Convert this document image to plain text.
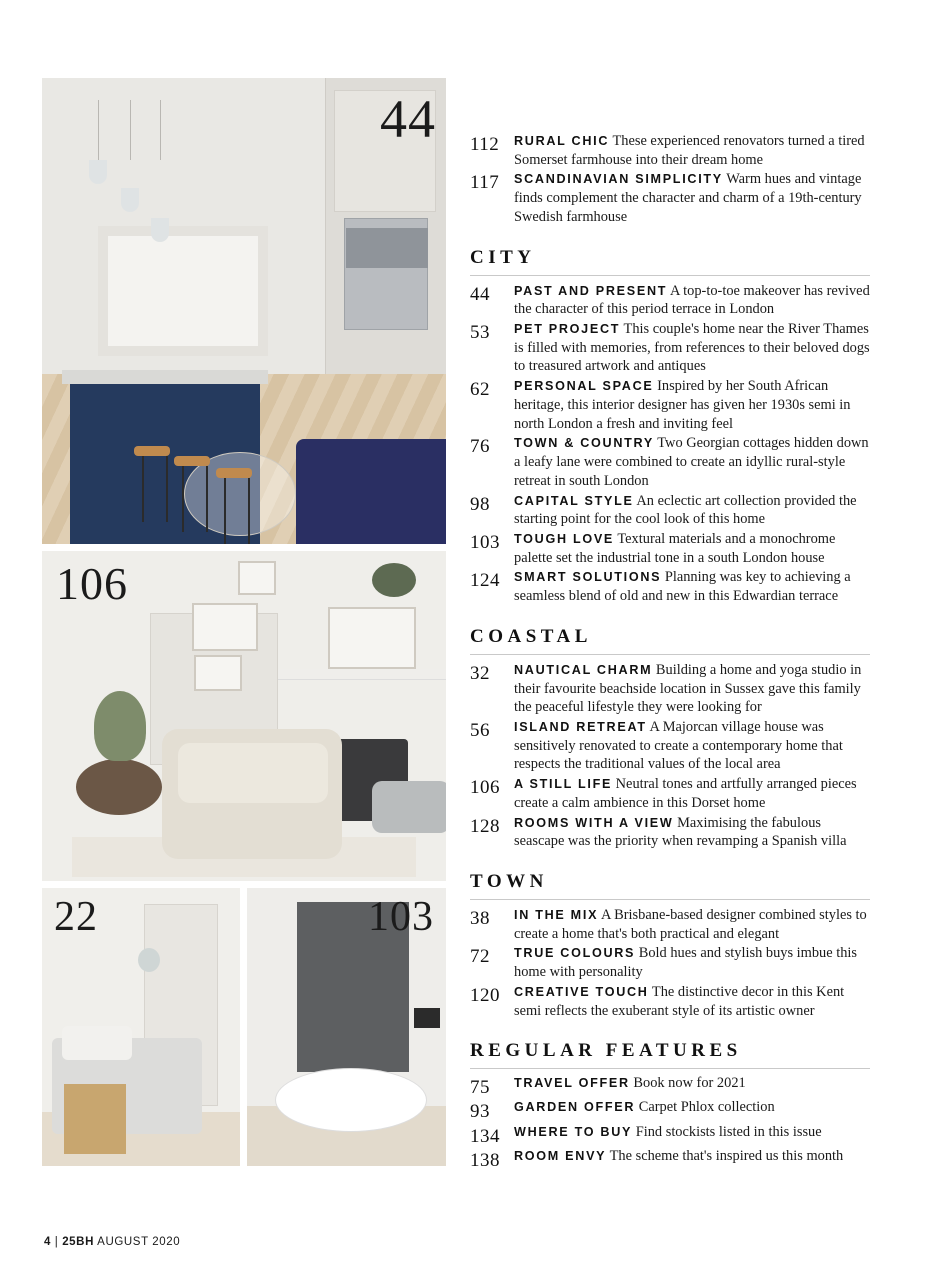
44
106
22	103
112	RURAL CHIC These experienced renovators turned a tired Somerset farmhouse into their dream home
117	SCANDINAVIAN SIMPLICITY Warm hues and vintage finds complement the character and charm of a 19th-century Swedish farmhouse
CITY
44	PAST AND PRESENT A top-to-toe makeover has revived the character of this period terrace in London
53	PET PROJECT This couple's home near the River Thames is filled with memories, from references to their beloved dogs to treasured artwork and antiques
62	PERSONAL SPACE Inspired by her South African heritage, this interior designer has given her 1930s semi in north London a fresh and inviting feel
76	TOWN & COUNTRY Two Georgian cottages hidden down a leafy lane were combined to create an idyllic rural-style retreat in south London
98	CAPITAL STYLE An eclectic art collection provided the starting point for the cool look of this home
103	TOUGH LOVE Textural materials and a monochrome palette set the industrial tone in a south London house
124	SMART SOLUTIONS Planning was key to achieving a seamless blend of old and new in this Edwardian terrace
COASTAL
32	NAUTICAL CHARM Building a home and yoga studio in their favourite beachside location in Sussex gave this family the peaceful lifestyle they were looking for
56	ISLAND RETREAT A Majorcan village house was sensitively renovated to create a contemporary home that respects the traditional values of the local area
106	A STILL LIFE Neutral tones and artfully arranged pieces create a calm ambience in this Dorset home
128	ROOMS WITH A VIEW Maximising the fabulous seascape was the priority when revamping a Spanish villa
TOWN
38	IN THE MIX A Brisbane-based designer combined styles to create a home that's both practical and elegant
72	TRUE COLOURS Bold hues and stylish buys imbue this home with personality
120	CREATIVE TOUCH The distinctive decor in this Kent semi reflects the exuberant style of its artistic owner
REGULAR FEATURES
75	TRAVEL OFFER Book now for 2021
93	GARDEN OFFER Carpet Phlox collection
134	WHERE TO BUY Find stockists listed in this issue
138	ROOM ENVY The scheme that's inspired us this month
4 | 25BH AUGUST 2020
